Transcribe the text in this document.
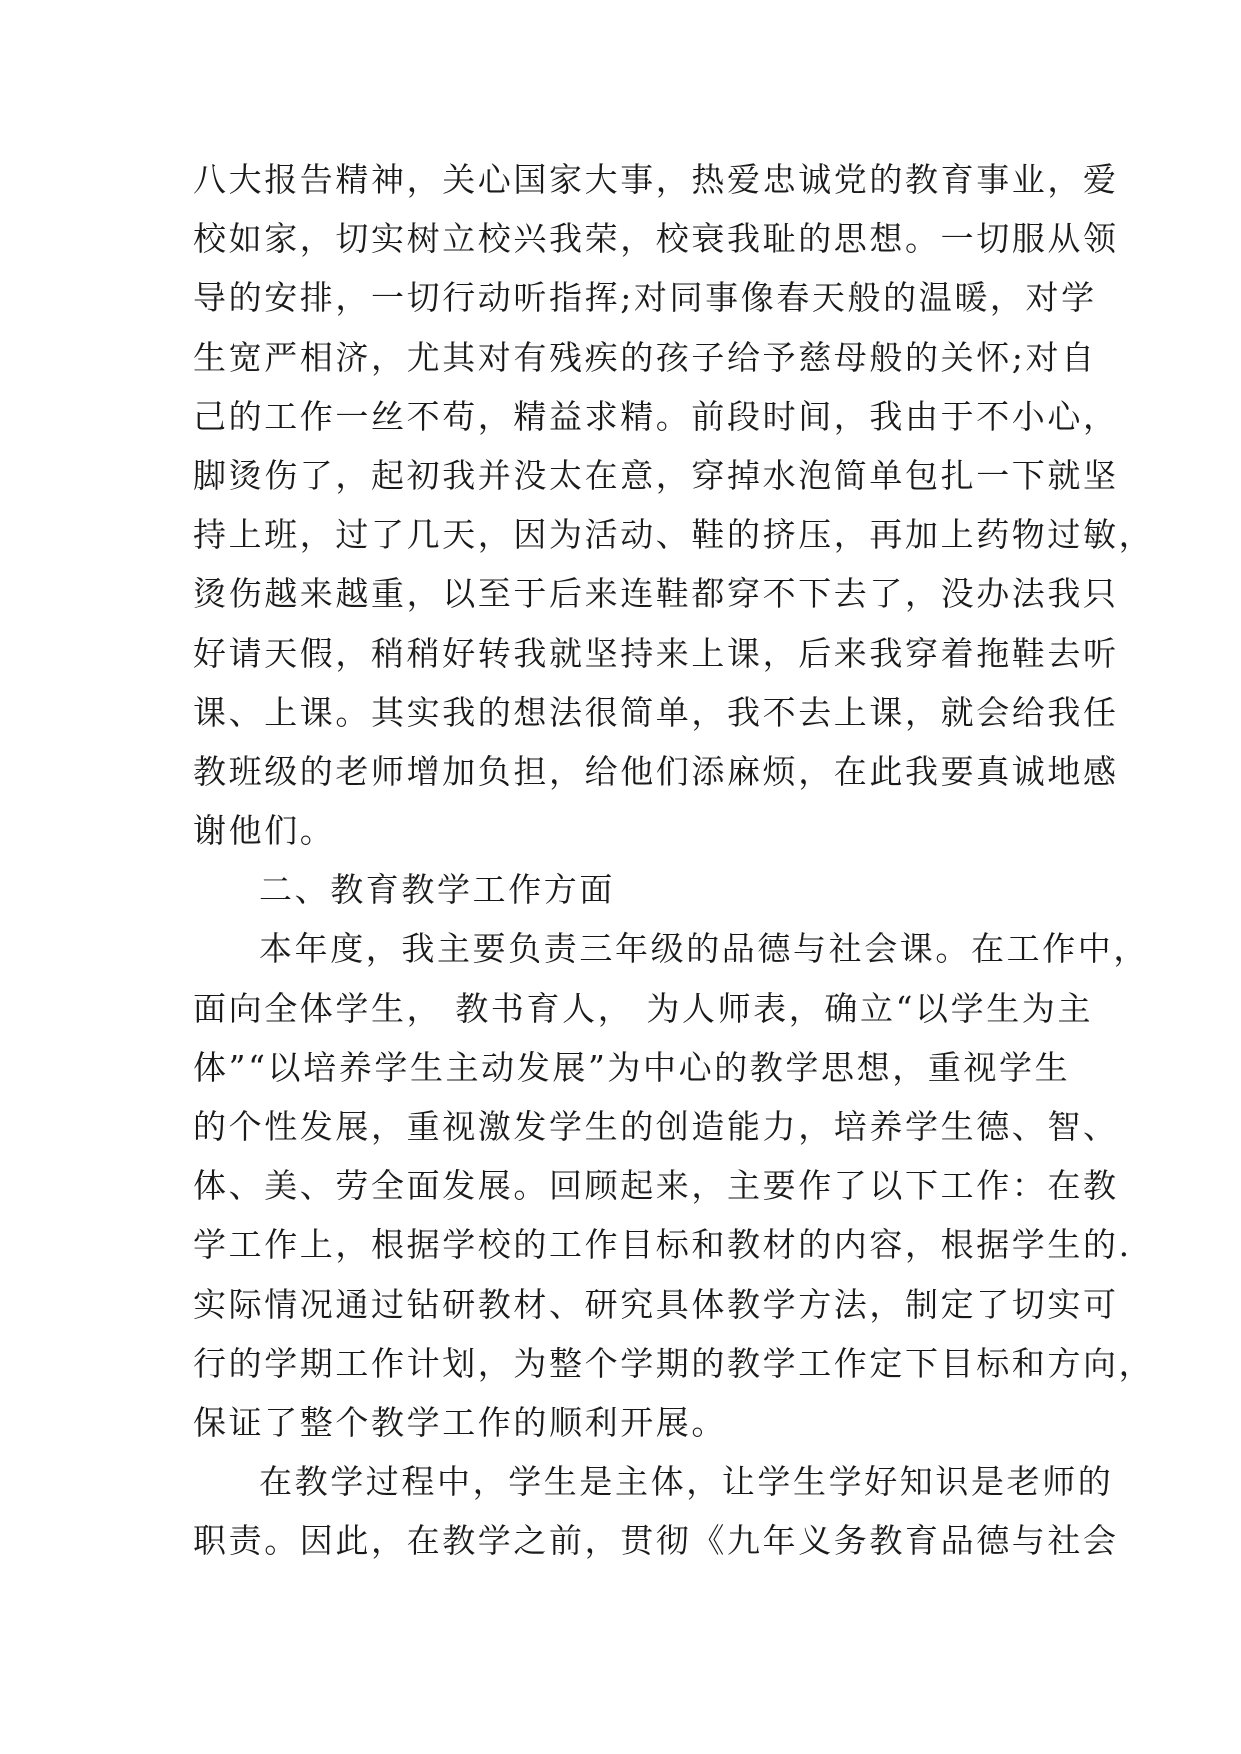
八大报告精神，关心国家大事，热爱忠诚党的教育事业，爱
校如家，切实树立校兴我荣，校衰我耻的思想。一切服从领
导的安排，一切行动听指挥;对同事像春天般的温暖，对学
生宽严相济，尤其对有残疾的孩子给予慈母般的关怀;对自
己的工作一丝不苟，精益求精。前段时间，我由于不小心，
脚烫伤了，起初我并没太在意，穿掉水泡简单包扎一下就坚
持上班，过了几天，因为活动、鞋的挤压，再加上药物过敏，
烫伤越来越重，以至于后来连鞋都穿不下去了，没办法我只
好请天假，稍稍好转我就坚持来上课，后来我穿着拖鞋去听
课、上课。其实我的想法很简单，我不去上课，就会给我任
教班级的老师增加负担，给他们添麻烦，在此我要真诚地感
谢他们。
二、教育教学工作方面
本年度，我主要负责三年级的品德与社会课。在工作中，
面向全体学生， 教书育人， 为人师表，确立“以学生为主
体”“以培养学生主动发展”为中心的教学思想，重视学生
的个性发展，重视激发学生的创造能力，培养学生德、智、
体、美、劳全面发展。回顾起来，主要作了以下工作：在教
学工作上，根据学校的工作目标和教材的内容，根据学生的.
实际情况通过钻研教材、研究具体教学方法，制定了切实可
行的学期工作计划，为整个学期的教学工作定下目标和方向，
保证了整个教学工作的顺利开展。
在教学过程中，学生是主体，让学生学好知识是老师的
职责。因此，在教学之前，贯彻《九年义务教育品德与社会
